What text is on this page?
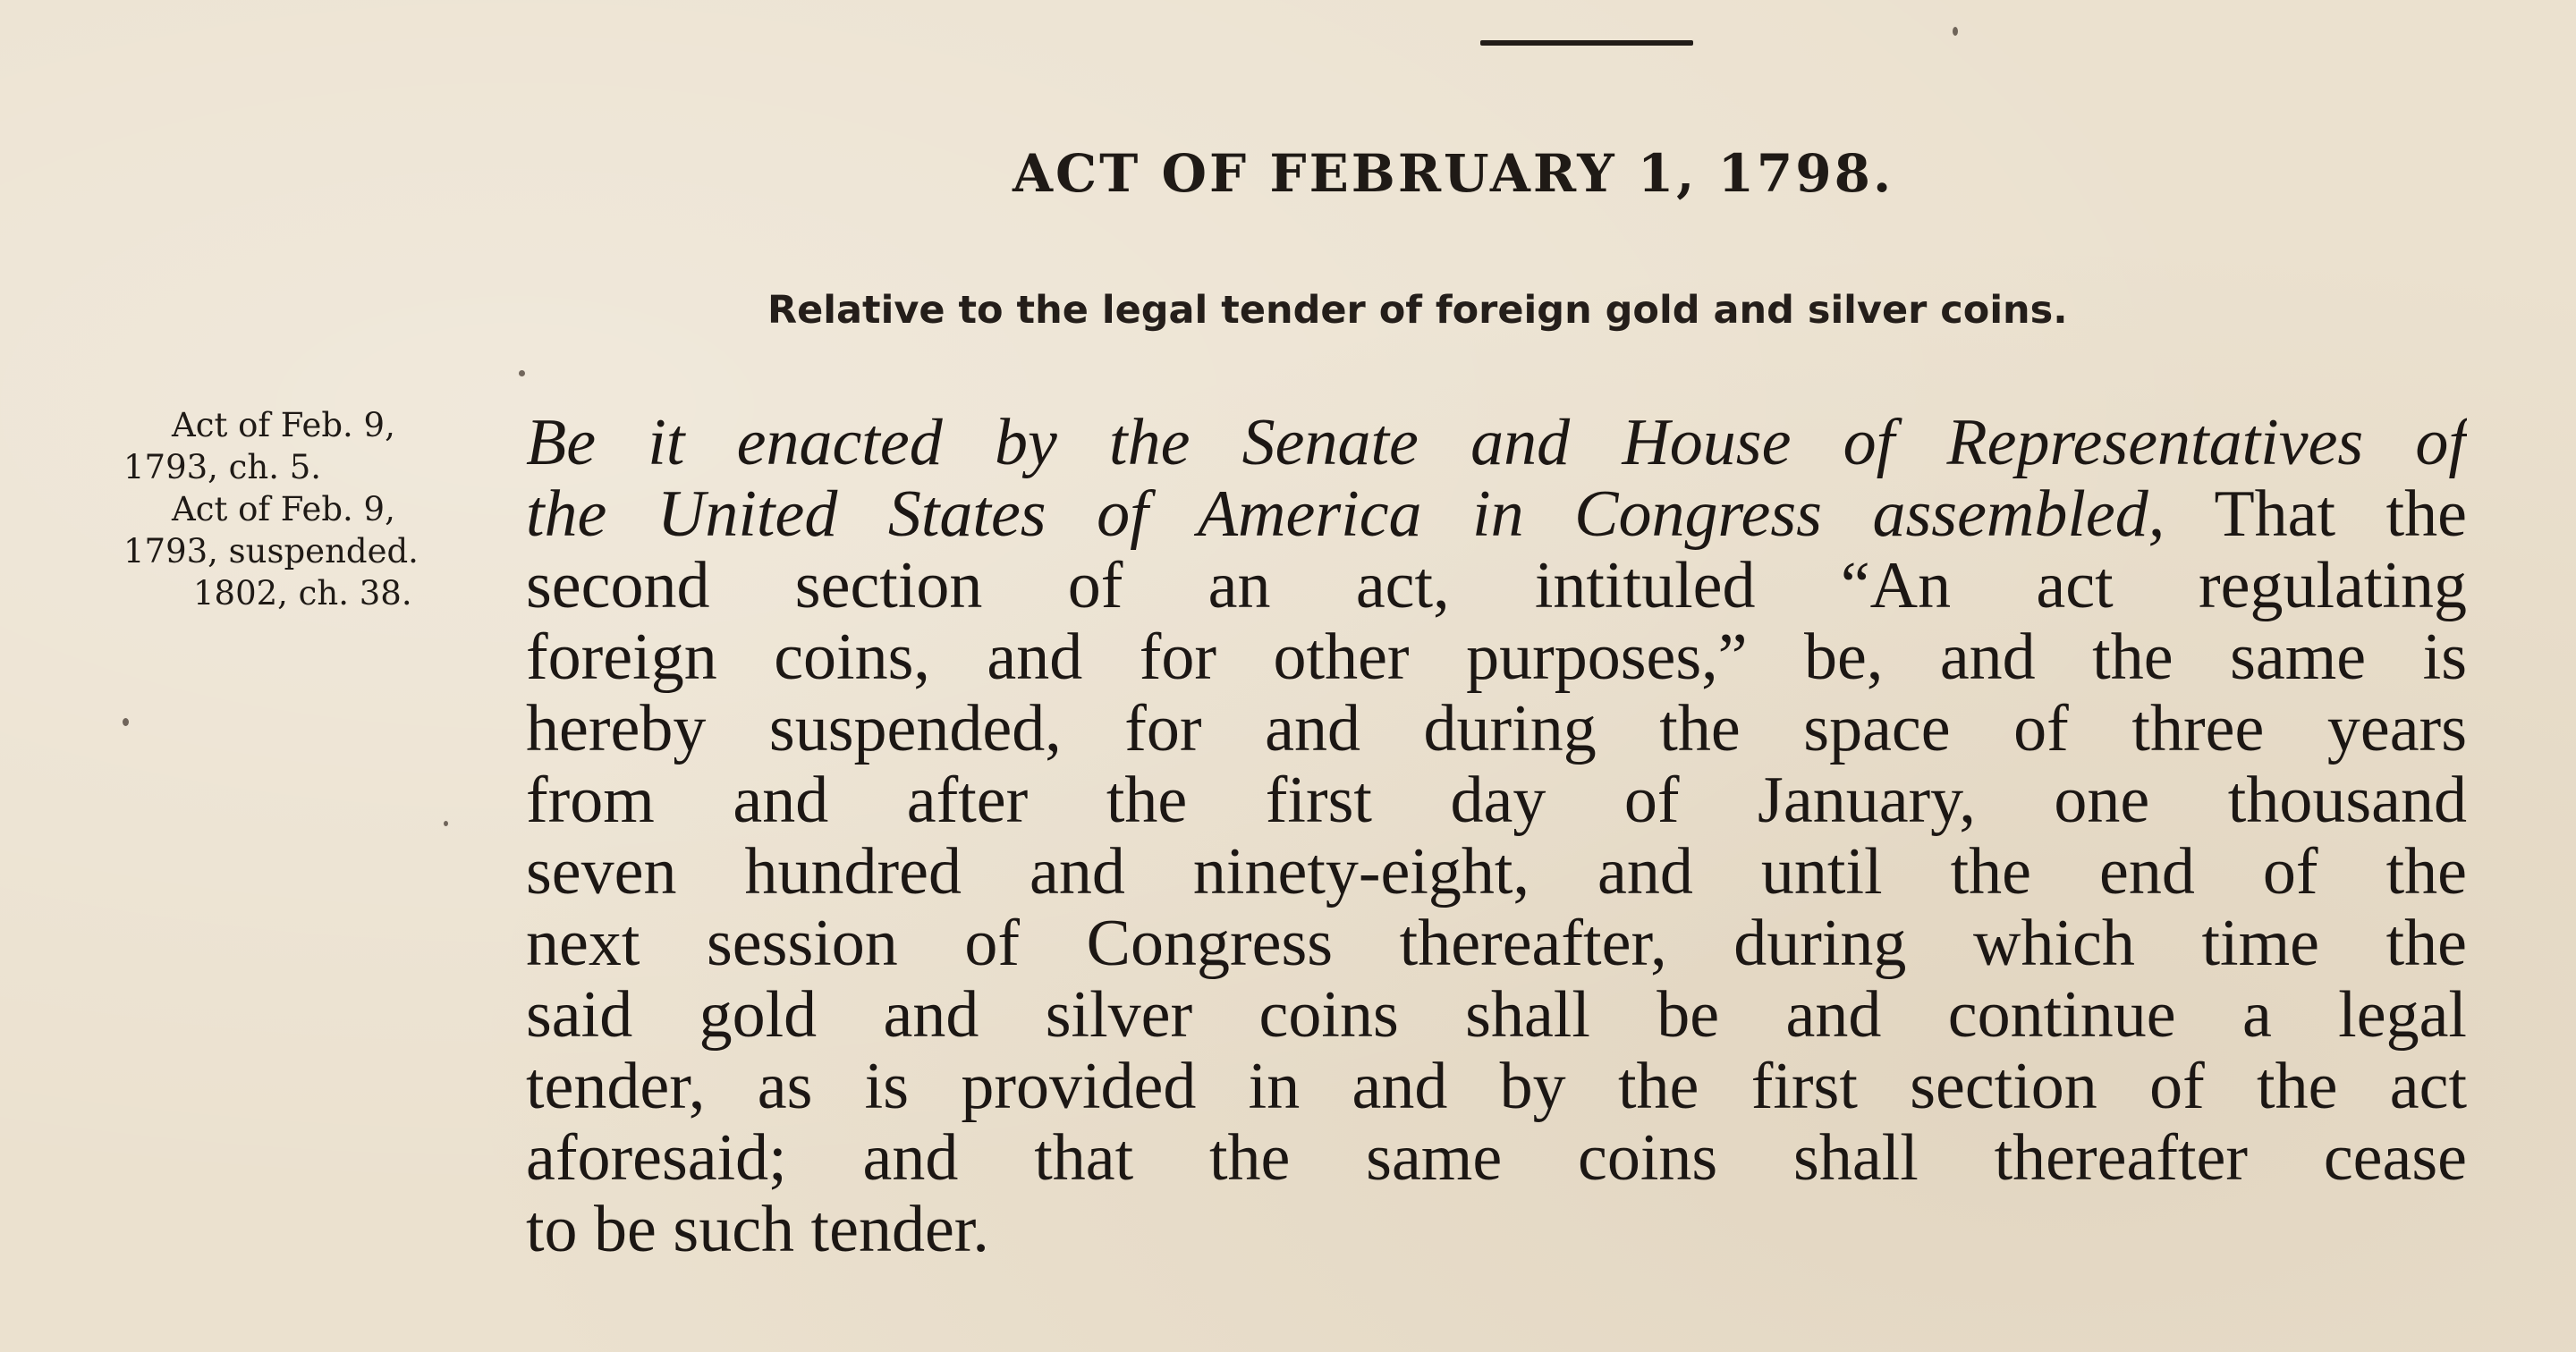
ACT OF FEBRUARY 1, 1798.
Relative to the legal tender of foreign gold and silver coins.
Act of Feb. 9,
1793, ch. 5.
Act of Feb. 9,
1793, suspended.
1802, ch. 38.
Be it enacted by the Senate and House of Representatives of
the United States of America in Congress assembled, That the
second section of an act, intituled “An act regulating
foreign coins, and for other purposes,” be, and the same is
hereby suspended, for and during the space of three years
from and after the first day of January, one thousand
seven hundred and ninety-eight, and until the end of the
next session of Congress thereafter, during which time the
said gold and silver coins shall be and continue a legal
tender, as is provided in and by the first section of the act
aforesaid; and that the same coins shall thereafter cease
to be such tender.
